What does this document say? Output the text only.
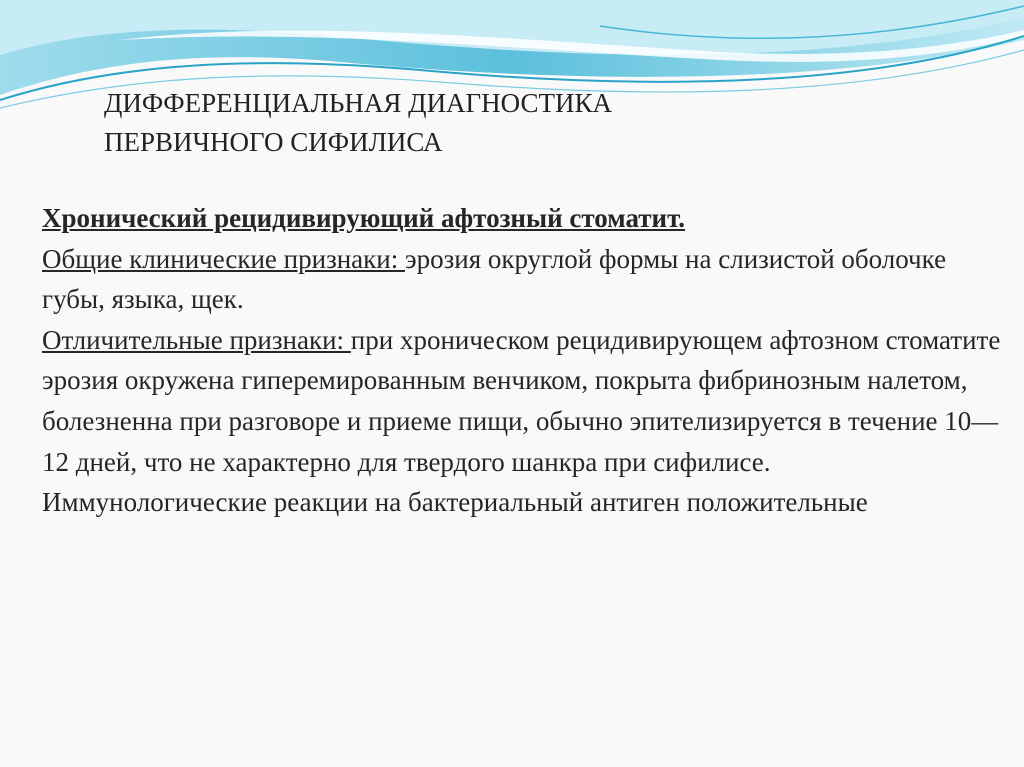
ДИФФЕРЕНЦИАЛЬНАЯ ДИАГНОСТИКА
ПЕРВИЧНОГО СИФИЛИСА
Хронический рецидивирующий афтозный стоматит.
Общие клинические признаки: эрозия округлой формы на слизистой оболочке губы, языка, щек.
Отличительные признаки: при хроническом рецидивирующем афтозном стоматите эрозия окружена гиперемированным венчиком, покрыта фибринозным налетом, болезненна при разговоре и приеме пищи, обычно эпителизируется в течение 10—12 дней, что не характерно для твердого шанкра при сифилисе. Иммунологические реакции на бактериальный антиген положительные
